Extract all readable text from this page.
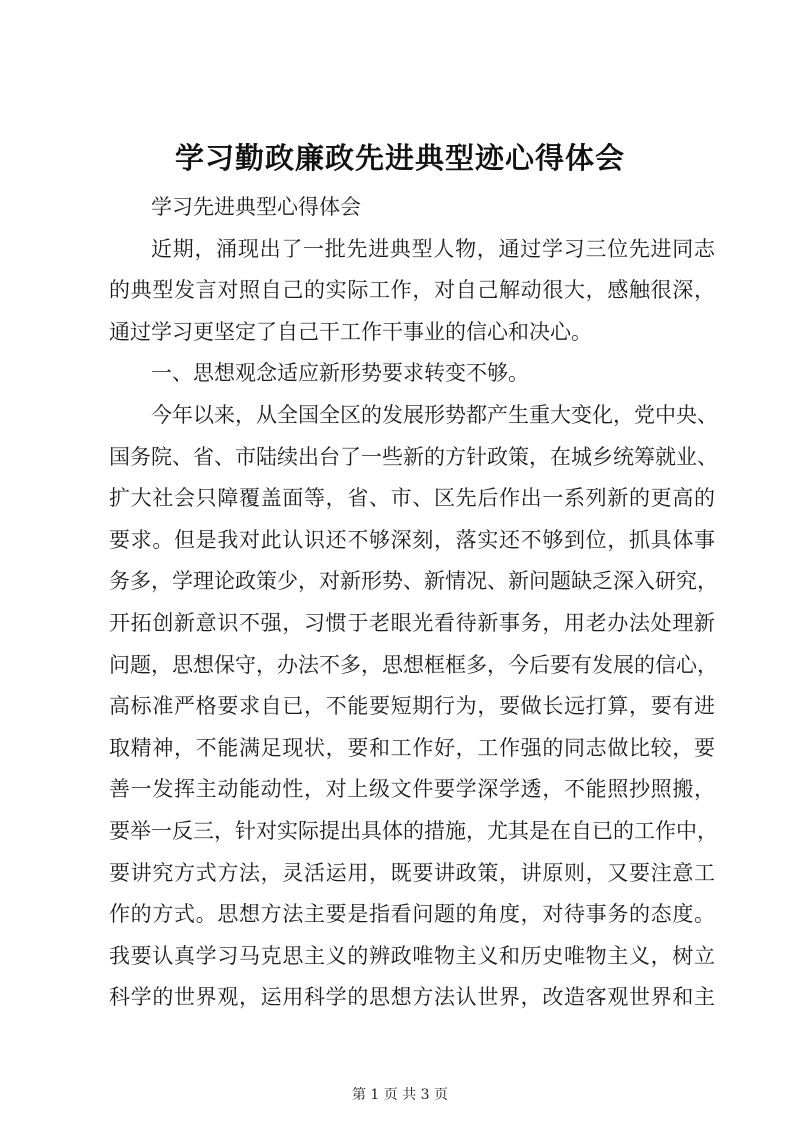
学习勤政廉政先进典型迹心得体会
学习先进典型心得体会
近期，涌现出了一批先进典型人物，通过学习三位先进同志
的典型发言对照自己的实际工作，对自己解动很大，感触很深，
通过学习更坚定了自己干工作干事业的信心和决心。
一、思想观念适应新形势要求转变不够。
今年以来，从全国全区的发展形势都产生重大变化，党中央、
国务院、省、市陆续出台了一些新的方针政策，在城乡统筹就业、
扩大社会只障覆盖面等，省、市、区先后作出一系列新的更高的
要求。但是我对此认识还不够深刻，落实还不够到位，抓具体事
务多，学理论政策少，对新形势、新情况、新问题缺乏深入研究，
开拓创新意识不强，习惯于老眼光看待新事务，用老办法处理新
问题，思想保守，办法不多，思想框框多，今后要有发展的信心，
高标准严格要求自已，不能要短期行为，要做长远打算，要有进
取精神，不能满足现状，要和工作好，工作强的同志做比较，要
善一发挥主动能动性，对上级文件要学深学透，不能照抄照搬，
要举一反三，针对实际提出具体的措施，尤其是在自已的工作中，
要讲究方式方法，灵活运用，既要讲政策，讲原则，又要注意工
作的方式。思想方法主要是指看问题的角度，对待事务的态度。
我要认真学习马克思主义的辨政唯物主义和历史唯物主义，树立
科学的世界观，运用科学的思想方法认世界，改造客观世界和主
第 1 页 共 3 页
